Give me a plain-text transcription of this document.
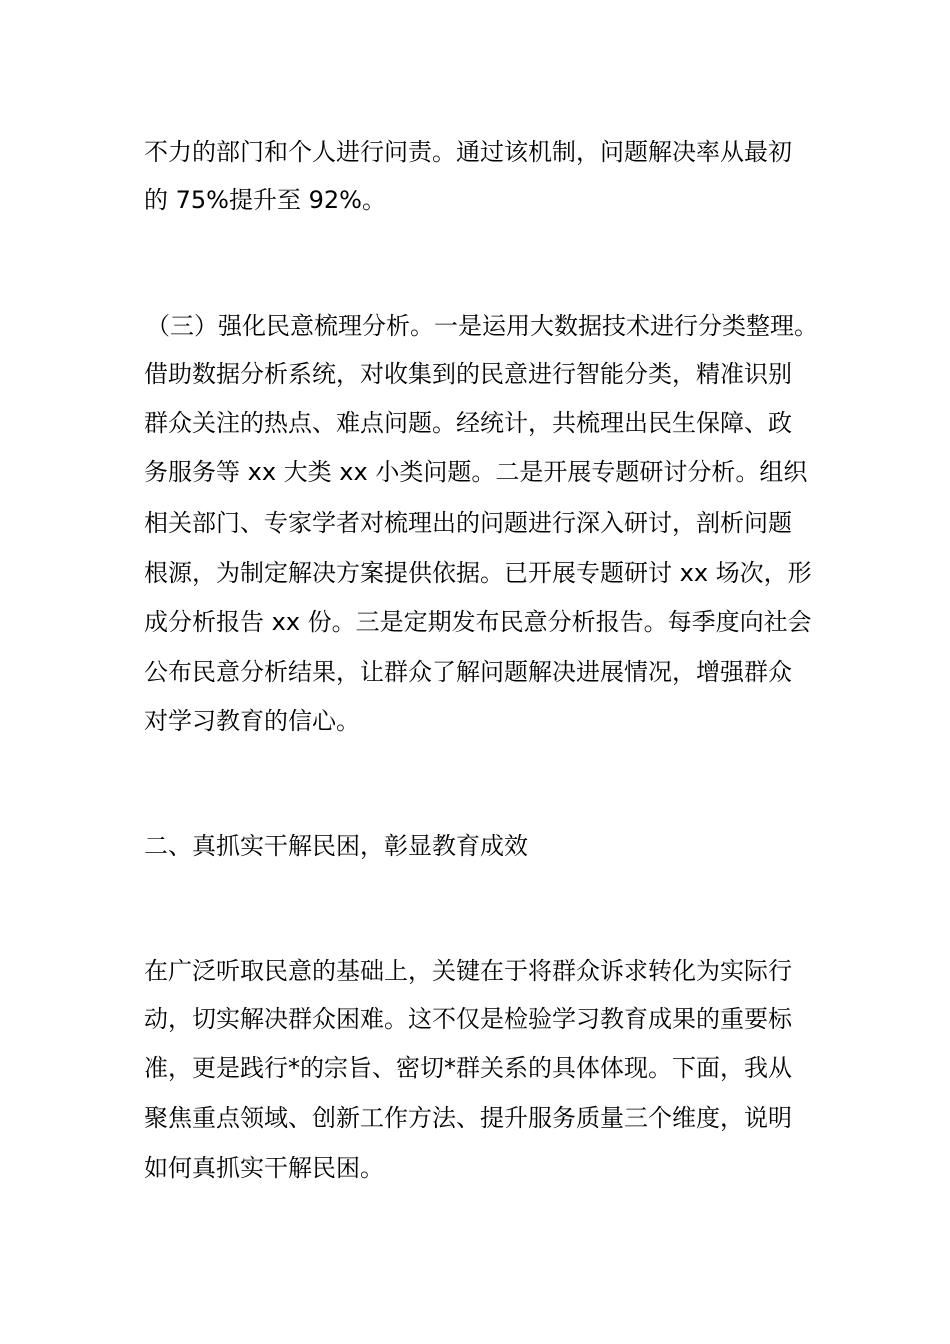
不力的部门和个人进行问责。通过该机制，问题解决率从最初
的 75%提升至 92%。
（三）强化民意梳理分析。一是运用大数据技术进行分类整理。
借助数据分析系统，对收集到的民意进行智能分类，精准识别
群众关注的热点、难点问题。经统计，共梳理出民生保障、政
务服务等 xx 大类 xx 小类问题。二是开展专题研讨分析。组织
相关部门、专家学者对梳理出的问题进行深入研讨，剖析问题
根源，为制定解决方案提供依据。已开展专题研讨 xx 场次，形
成分析报告 xx 份。三是定期发布民意分析报告。每季度向社会
公布民意分析结果，让群众了解问题解决进展情况，增强群众
对学习教育的信心。
二、真抓实干解民困，彰显教育成效
在广泛听取民意的基础上，关键在于将群众诉求转化为实际行
动，切实解决群众困难。这不仅是检验学习教育成果的重要标
准，更是践行*的宗旨、密切*群关系的具体体现。下面，我从
聚焦重点领域、创新工作方法、提升服务质量三个维度，说明
如何真抓实干解民困。
